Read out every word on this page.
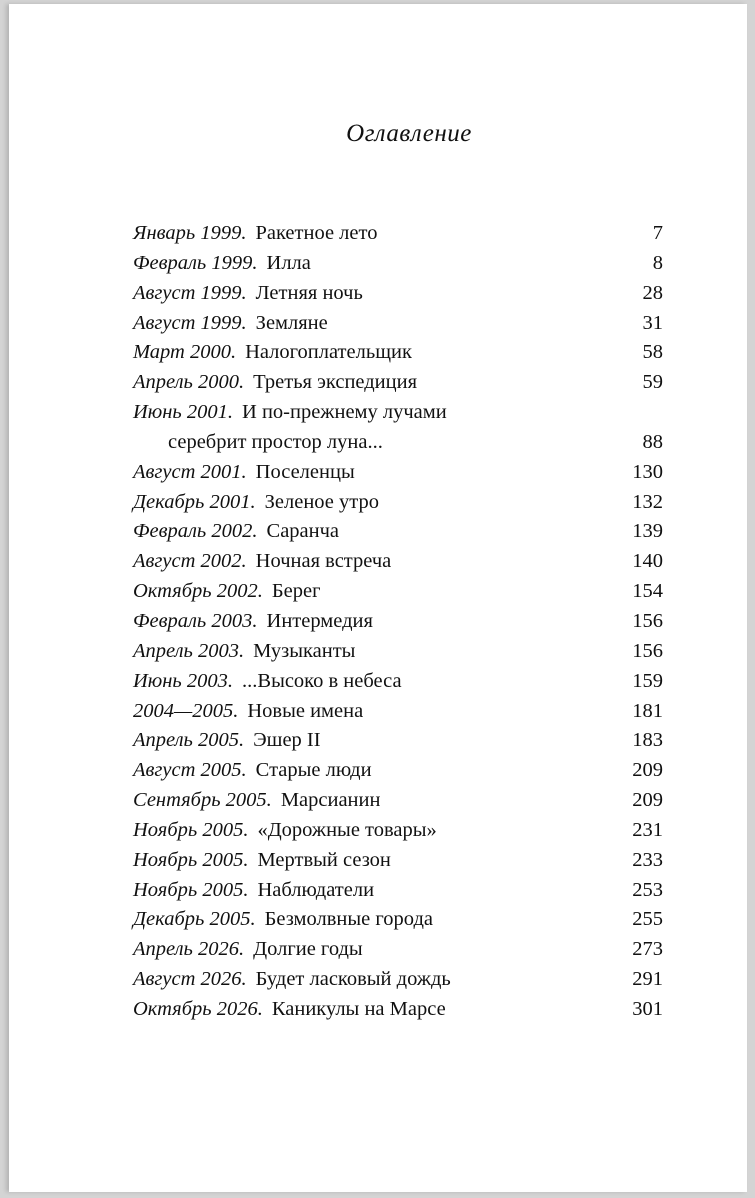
Оглавление
Январь 1999. Ракетное лето	7
Февраль 1999. Илла	8
Август 1999. Летняя ночь	28
Август 1999. Земляне	31
Март 2000. Налогоплательщик	58
Апрель 2000. Третья экспедиция	59
Июнь 2001. И по-прежнему лучами
серебрит простор луна...	88
Август 2001. Поселенцы	130
Декабрь 2001. Зеленое утро	132
Февраль 2002. Саранча	139
Август 2002. Ночная встреча	140
Октябрь 2002. Берег	154
Февраль 2003. Интермедия	156
Апрель 2003. Музыканты	156
Июнь 2003. ...Высоко в небеса	159
2004—2005. Новые имена	181
Апрель 2005. Эшер II	183
Август 2005. Старые люди	209
Сентябрь 2005. Марсианин	209
Ноябрь 2005. «Дорожные товары»	231
Ноябрь 2005. Мертвый сезон	233
Ноябрь 2005. Наблюдатели	253
Декабрь 2005. Безмолвные города	255
Апрель 2026. Долгие годы	273
Август 2026. Будет ласковый дождь	291
Октябрь 2026. Каникулы на Марсе	301
